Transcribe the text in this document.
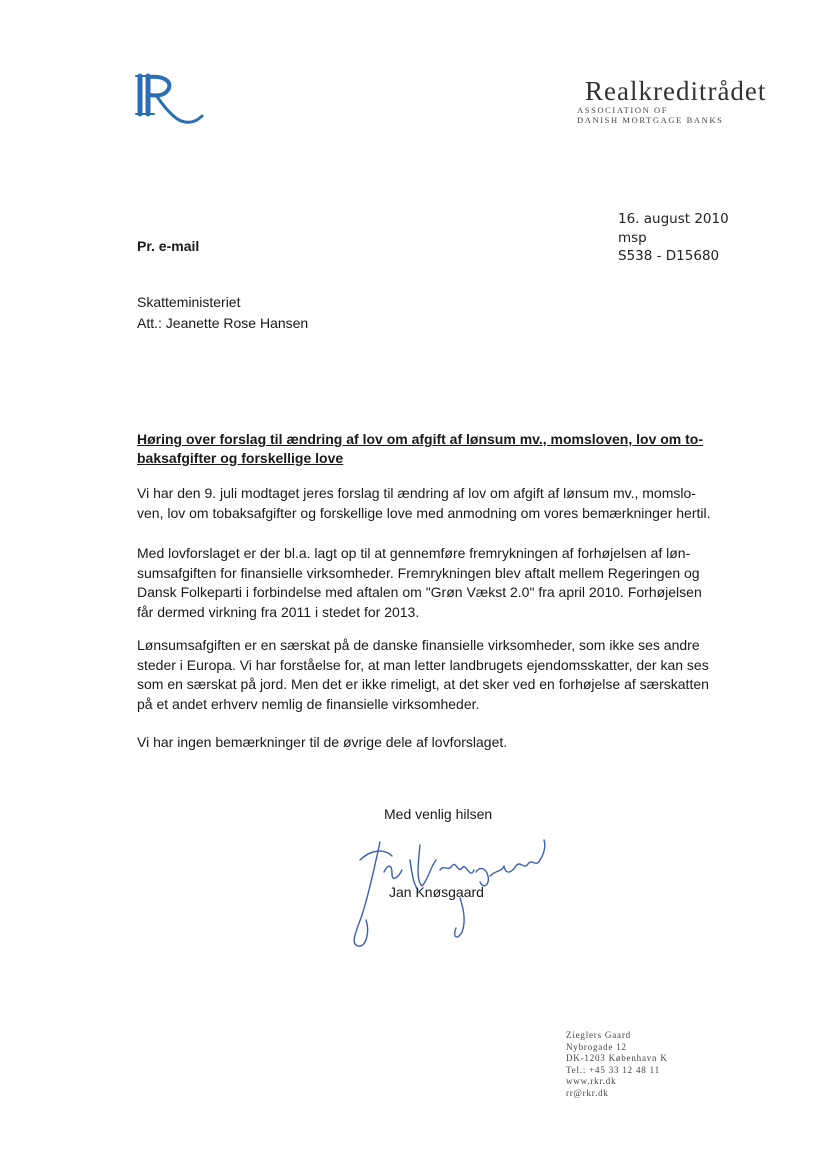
Realkreditrådet
ASSOCIATION OF
DANISH MORTGAGE BANKS
16. august 2010
msp
S538 - D15680
Pr. e-mail
Skatteministeriet
Att.: Jeanette Rose Hansen
Høring over forslag til ændring af lov om afgift af lønsum mv., momsloven, lov om to-
baksafgifter og forskellige love
Vi har den 9. juli modtaget jeres forslag til ændring af lov om afgift af lønsum mv., momslo-
ven, lov om tobaksafgifter og forskellige love med anmodning om vores bemærkninger hertil.
Med lovforslaget er der bl.a. lagt op til at gennemføre fremrykningen af forhøjelsen af løn-
sumsafgiften for finansielle virksomheder. Fremrykningen blev aftalt mellem Regeringen og
Dansk Folkeparti i forbindelse med aftalen om "Grøn Vækst 2.0" fra april 2010. Forhøjelsen
får dermed virkning fra 2011 i stedet for 2013.
Lønsumsafgiften er en særskat på de danske finansielle virksomheder, som ikke ses andre
steder i Europa. Vi har forståelse for, at man letter landbrugets ejendomsskatter, der kan ses
som en særskat på jord. Men det er ikke rimeligt, at det sker ved en forhøjelse af særskatten
på et andet erhverv nemlig de finansielle virksomheder.
Vi har ingen bemærkninger til de øvrige dele af lovforslaget.
Med venlig hilsen
Jan Knøsgaard
Zieglers Gaard
Nybrogade 12
DK-1203 København K
Tel.: +45 33 12 48 11
www.rkr.dk
rr@rkr.dk
